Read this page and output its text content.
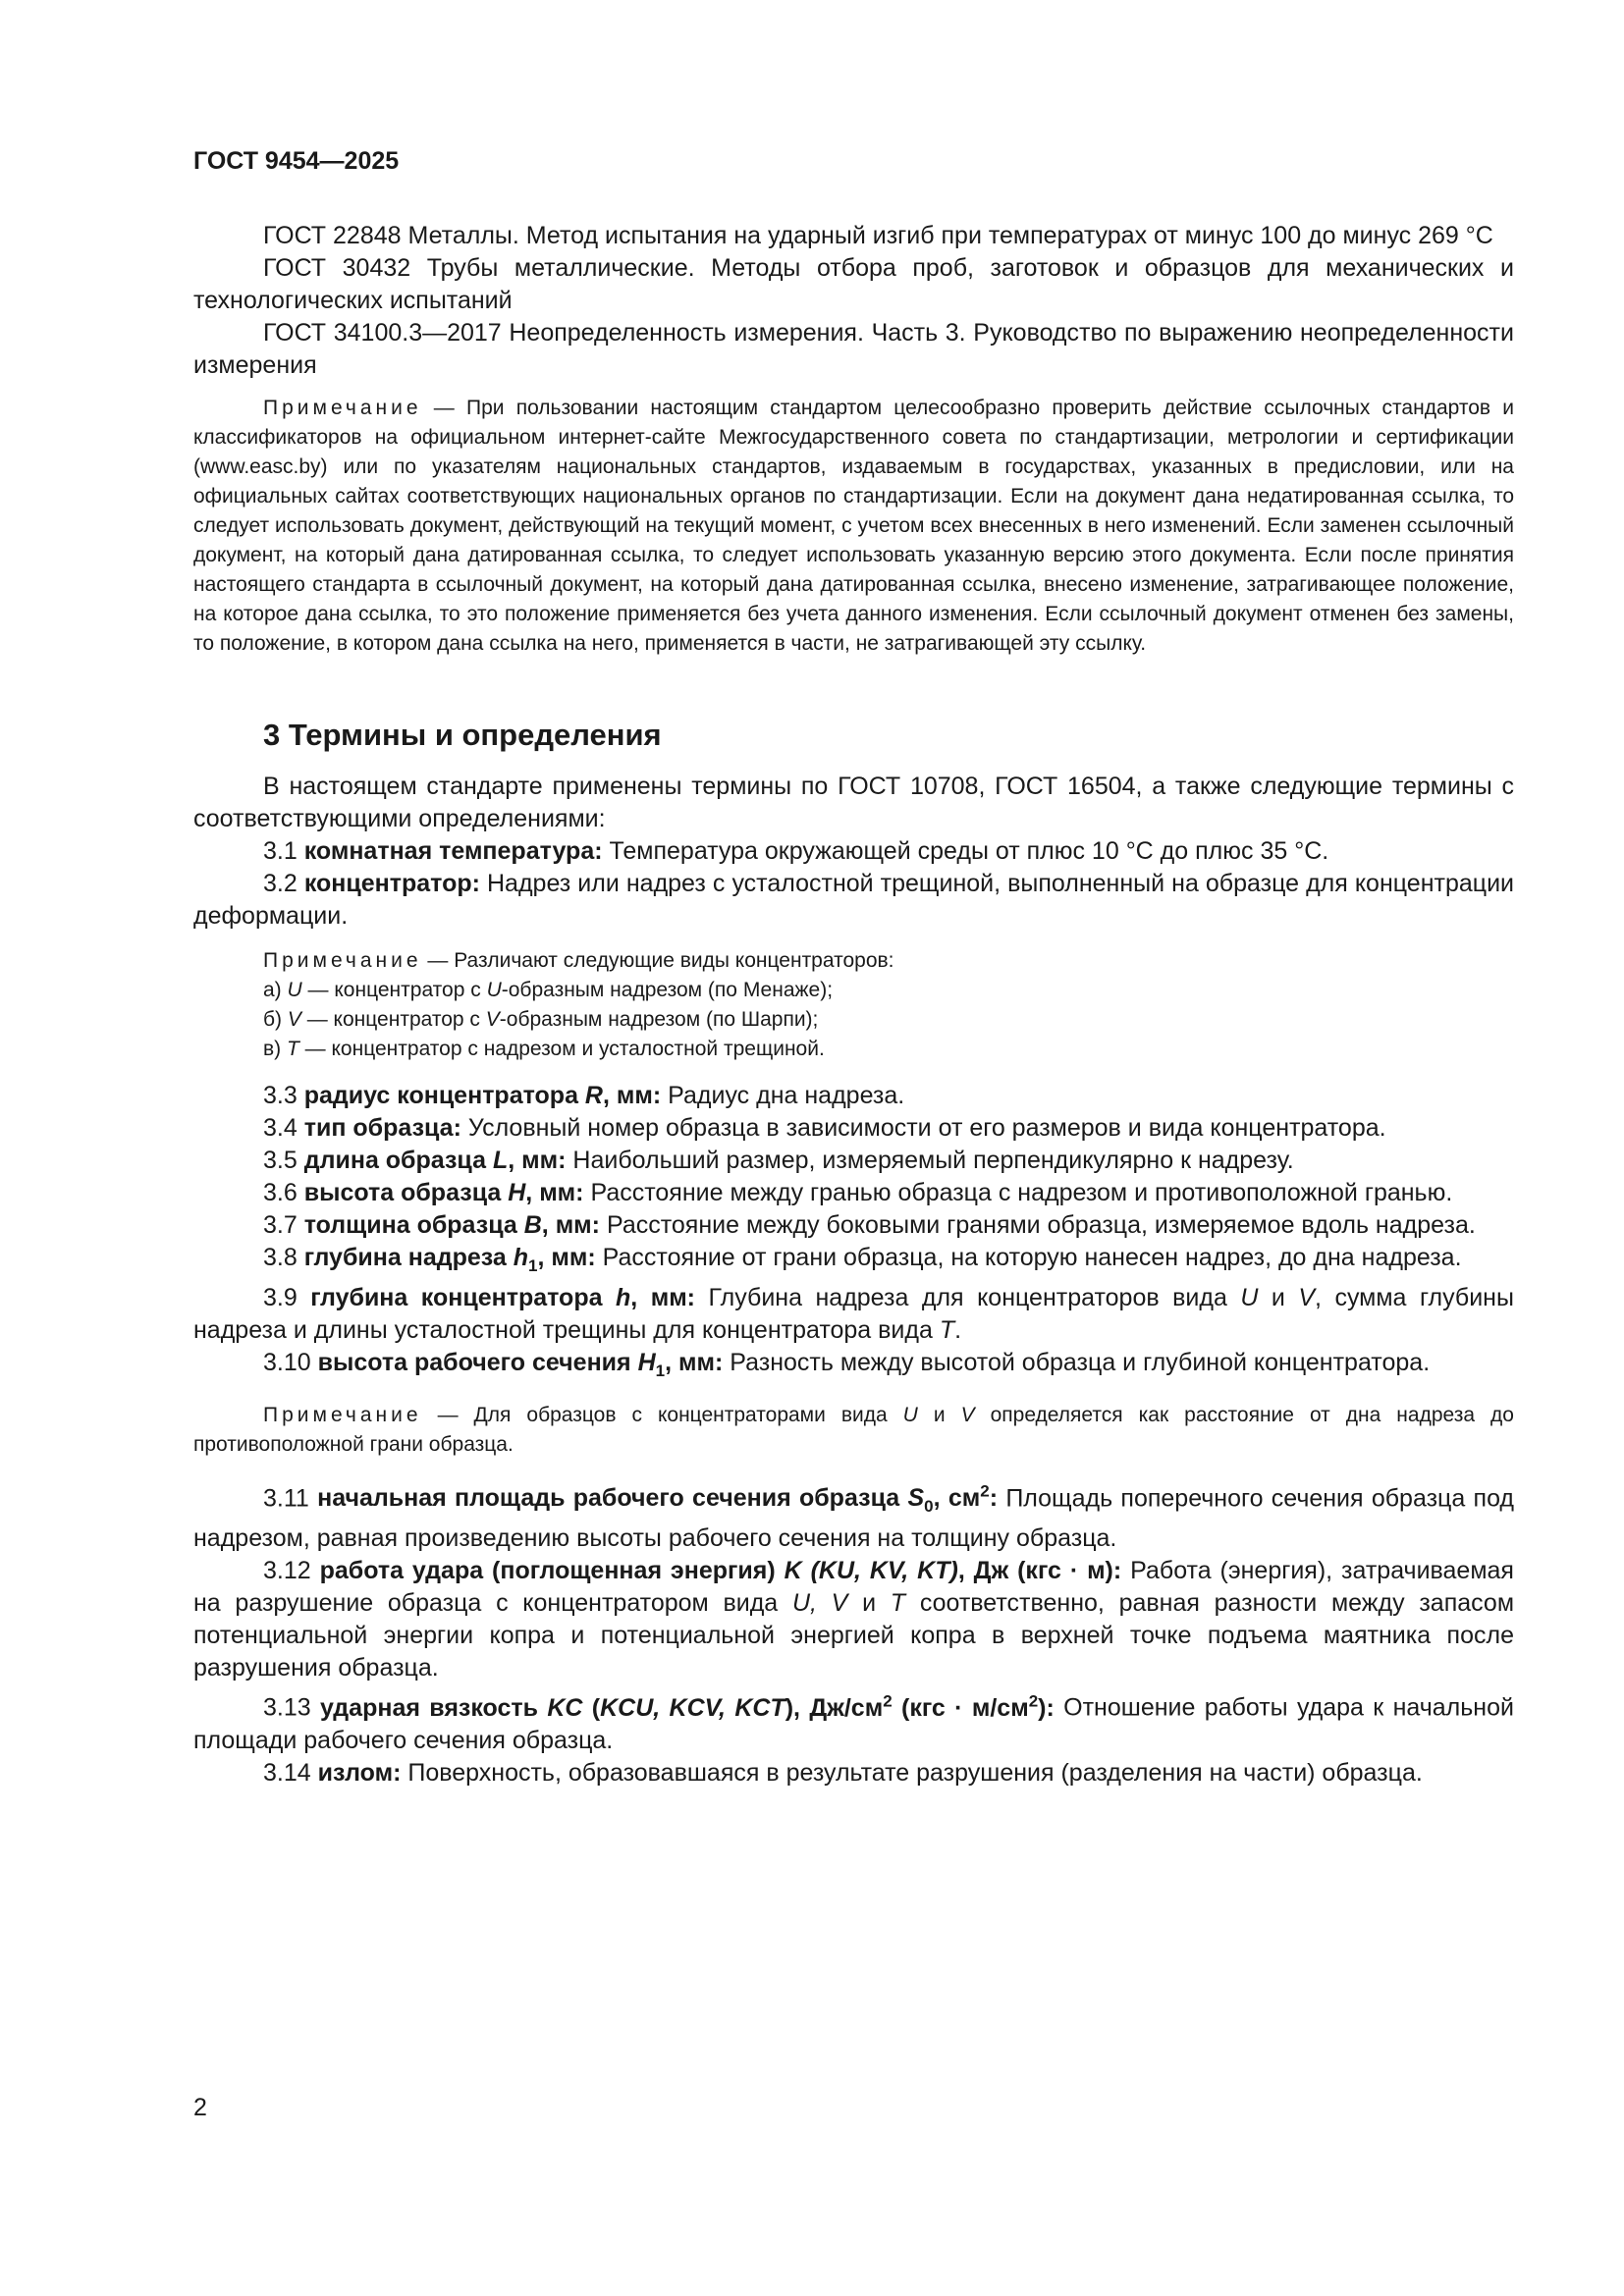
ГОСТ 9454—2025

ГОСТ 22848 Металлы. Метод испытания на ударный изгиб при температурах от минус 100 до минус 269 °С

ГОСТ 30432 Трубы металлические. Методы отбора проб, заготовок и образцов для механических и технологических испытаний

ГОСТ 34100.3—2017 Неопределенность измерения. Часть 3. Руководство по выражению неопределенности измерения

Примечание — При пользовании настоящим стандартом целесообразно проверить действие ссылочных стандартов и классификаторов на официальном интернет-сайте Межгосударственного совета по стандартизации, метрологии и сертификации (www.easc.by) или по указателям национальных стандартов, издаваемым в государствах, указанных в предисловии, или на официальных сайтах соответствующих национальных органов по стандартизации. Если на документ дана недатированная ссылка, то следует использовать документ, действующий на текущий момент, с учетом всех внесенных в него изменений. Если заменен ссылочный документ, на который дана датированная ссылка, то следует использовать указанную версию этого документа. Если после принятия настоящего стандарта в ссылочный документ, на который дана датированная ссылка, внесено изменение, затрагивающее положение, на которое дана ссылка, то это положение применяется без учета данного изменения. Если ссылочный документ отменен без замены, то положение, в котором дана ссылка на него, применяется в части, не затрагивающей эту ссылку.

3 Термины и определения

В настоящем стандарте применены термины по ГОСТ 10708, ГОСТ 16504, а также следующие термины с соответствующими определениями:

3.1 комнатная температура: Температура окружающей среды от плюс 10 °С до плюс 35 °С.

3.2 концентратор: Надрез или надрез с усталостной трещиной, выполненный на образце для концентрации деформации.

Примечание — Различают следующие виды концентраторов:

а) U — концентратор с U-образным надрезом (по Менаже);

б) V — концентратор с V-образным надрезом (по Шарпи);

в) Т — концентратор с надрезом и усталостной трещиной.

3.3 радиус концентратора R, мм: Радиус дна надреза.

3.4 тип образца: Условный номер образца в зависимости от его размеров и вида концентратора.

3.5 длина образца L, мм: Наибольший размер, измеряемый перпендикулярно к надрезу.

3.6 высота образца H, мм: Расстояние между гранью образца с надрезом и противоположной гранью.

3.7 толщина образца B, мм: Расстояние между боковыми гранями образца, измеряемое вдоль надреза.

3.8 глубина надреза $h_1$, мм: Расстояние от грани образца, на которую нанесен надрез, до дна надреза.

3.9 глубина концентратора h, мм: Глубина надреза для концентраторов вида U и V, сумма глубины надреза и длины усталостной трещины для концентратора вида Т.

3.10 высота рабочего сечения $H_1$, мм: Разность между высотой образца и глубиной концентратора.

Примечание — Для образцов с концентраторами вида U и V определяется как расстояние от дна надреза до противоположной грани образца.

3.11 начальная площадь рабочего сечения образца $S_0$, $см^2$: Площадь поперечного сечения образца под надрезом, равная произведению высоты рабочего сечения на толщину образца.

3.12 работа удара (поглощенная энергия) K (KU, KV, KT), Дж (кгс · м): Работа (энергия), затрачиваемая на разрушение образца с концентратором вида U, V и Т соответственно, равная разности между запасом потенциальной энергии копра и потенциальной энергией копра в верхней точке подъема маятника после разрушения образца.

3.13 ударная вязкость KC (KCU, KCV, KCT), $Дж/см^2$ $(кгс \cdot м/см^2)$: Отношение работы удара к начальной площади рабочего сечения образца.

3.14 излом: Поверхность, образовавшаяся в результате разрушения (разделения на части) образца.

2
